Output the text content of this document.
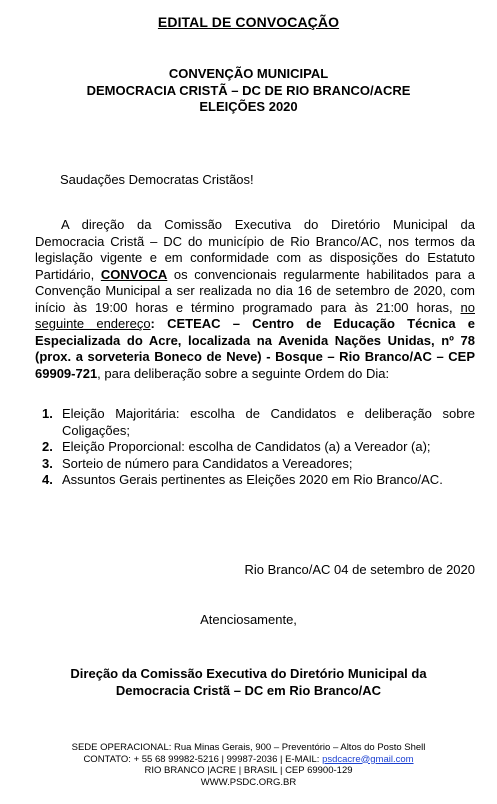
EDITAL DE CONVOCAÇÃO
CONVENÇÃO MUNICIPAL
DEMOCRACIA CRISTÃ – DC DE RIO BRANCO/ACRE
ELEIÇÕES 2020
Saudações Democratas Cristãos!

A direção da Comissão Executiva do Diretório Municipal da Democracia Cristã – DC do município de Rio Branco/AC, nos termos da legislação vigente e em conformidade com as disposições do Estatuto Partidário, CONVOCA os convencionais regularmente habilitados para a Convenção Municipal a ser realizada no dia 16 de setembro de 2020, com início às 19:00 horas e término programado para às 21:00 horas, no seguinte endereço: CETEAC – Centro de Educação Técnica e Especializada do Acre, localizada na Avenida Nações Unidas, nº 78 (prox. a sorveteria Boneco de Neve) - Bosque – Rio Branco/AC – CEP 69909-721, para deliberação sobre a seguinte Ordem do Dia:

1. Eleição Majoritária: escolha de Candidatos e deliberação sobre Coligações;
2. Eleição Proporcional: escolha de Candidatos (a) a Vereador (a);
3. Sorteio de número para Candidatos a Vereadores;
4. Assuntos Gerais pertinentes as Eleições 2020 em Rio Branco/AC.
Rio Branco/AC 04 de setembro de 2020
Atenciosamente,
Direção da Comissão Executiva do Diretório Municipal da
Democracia Cristã – DC em Rio Branco/AC
SEDE OPERACIONAL: Rua Minas Gerais, 900 – Preventório – Altos do Posto Shell
CONTATO: + 55 68 99982-5216 | 99987-2036 | E-MAIL: psdcacre@gmail.com
RIO BRANCO |ACRE | BRASIL | CEP 69900-129
WWW.PSDC.ORG.BR
